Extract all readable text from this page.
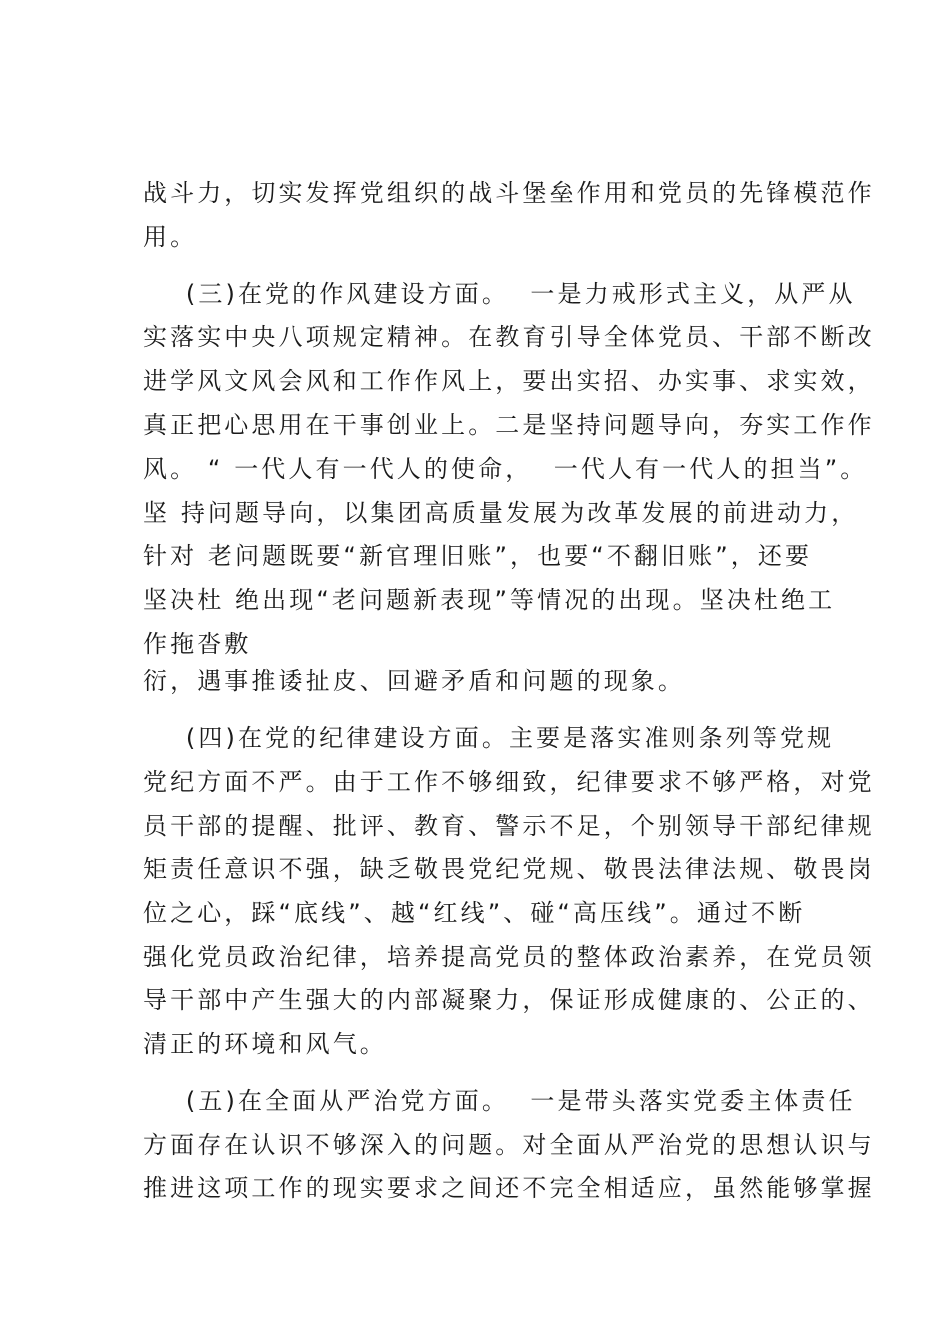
战斗力，切实发挥党组织的战斗堡垒作用和党员的先锋模范作
用。
(三)在党的作风建设方面。  一是力戒形式主义，从严从
实落实中央八项规定精神。在教育引导全体党员、干部不断改
进学风文风会风和工作作风上，要出实招、办实事、求实效，
真正把心思用在干事创业上。二是坚持问题导向，夯实工作作
风。 “ 一代人有一代人的使命，  一代人有一代人的担当”。
坚 持问题导向，以集团高质量发展为改革发展的前进动力，
针对 老问题既要“新官理旧账”，也要“不翻旧账”，还要
坚决杜 绝出现“老问题新表现”等情况的出现。坚决杜绝工
作拖沓敷
衍，遇事推诿扯皮、回避矛盾和问题的现象。
(四)在党的纪律建设方面。主要是落实准则条列等党规
党纪方面不严。由于工作不够细致，纪律要求不够严格，对党
员干部的提醒、批评、教育、警示不足，个别领导干部纪律规
矩责任意识不强，缺乏敬畏党纪党规、敬畏法律法规、敬畏岗
位之心，踩“底线”、越“红线”、碰“高压线”。通过不断
强化党员政治纪律，培养提高党员的整体政治素养，在党员领
导干部中产生强大的内部凝聚力，保证形成健康的、公正的、
清正的环境和风气。
(五)在全面从严治党方面。  一是带头落实党委主体责任
方面存在认识不够深入的问题。对全面从严治党的思想认识与
推进这项工作的现实要求之间还不完全相适应，虽然能够掌握
